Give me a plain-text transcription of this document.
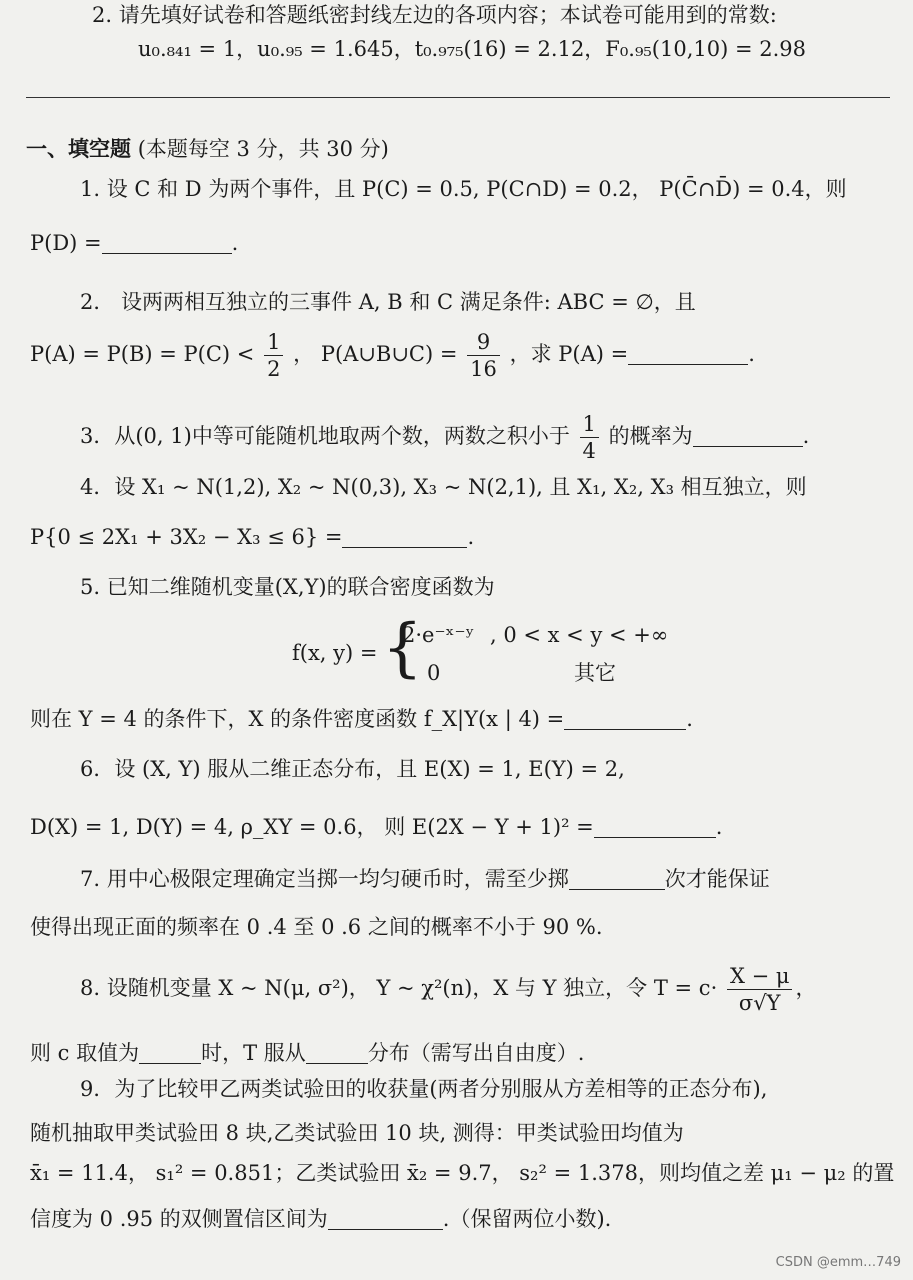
2. 请先填好试卷和答题纸密封线左边的各项内容；本试卷可能用到的常数:
u₀.₈₄₁ = 1，u₀.₉₅ = 1.645，t₀.₉₇₅(16) = 2.12，F₀.₉₅(10,10) = 2.98
一、填空题 (本题每空 3 分，共 30 分)
1. 设 C 和 D 为两个事件，且 P(C) = 0.5, P(C∩D) = 0.2， P(C̄∩D̄) = 0.4，则
P(D) =	.
2． 设两两相互独立的三事件 A, B 和 C 满足条件: ABC = ∅，且
$P(A) = P(B) = P(C) < \frac{1}{2}$ ， P(A∪B∪C) = $\frac{9}{16}$ ，求 P(A) =	.
3．从(0, 1)中等可能随机地取两个数，两数之积小于 $\frac{1}{4}$ 的概率为	.
4．设 X₁ ~ N(1,2), X₂ ~ N(0,3), X₃ ~ N(2,1), 且 X₁, X₂, X₃ 相互独立，则
P{0 ≤ 2X₁ + 3X₂ − X₃ ≤ 6} =	.
5. 已知二维随机变量(X,Y)的联合密度函数为
f(x, y) = {
2·e⁻ˣ⁻ʸ , 0 < x < y < +∞
0	其它
则在 Y = 4 的条件下，X 的条件密度函数 f_X|Y(x | 4) =	.
6．设 (X, Y) 服从二维正态分布，且 E(X) = 1, E(Y) = 2,
D(X) = 1, D(Y) = 4, ρ_XY = 0.6， 则 E(2X − Y + 1)² =	.
7. 用中心极限定理确定当掷一均匀硬币时，需至少掷	次才能保证
使得出现正面的频率在 0 .4 至 0 .6 之间的概率不小于 90 %.
8. 设随机变量 X ~ N(μ, σ²)， Y ~ χ²(n)，X 与 Y 独立，令 $T = c\cdot \frac{X - \mu}{\sigma√Y}$ ，
则 c 取值为	时，T 服从	分布（需写出自由度）.
9．为了比较甲乙两类试验田的收获量(两者分别服从方差相等的正态分布),
随机抽取甲类试验田 8 块,乙类试验田 10 块, 测得：甲类试验田均值为
x̄₁ = 11.4， s₁² = 0.851；乙类试验田 x̄₂ = 9.7， s₂² = 1.378，则均值之差 μ₁ − μ₂ 的置
信度为 0 .95 的双侧置信区间为	.（保留两位小数).
CSDN @emm…749
